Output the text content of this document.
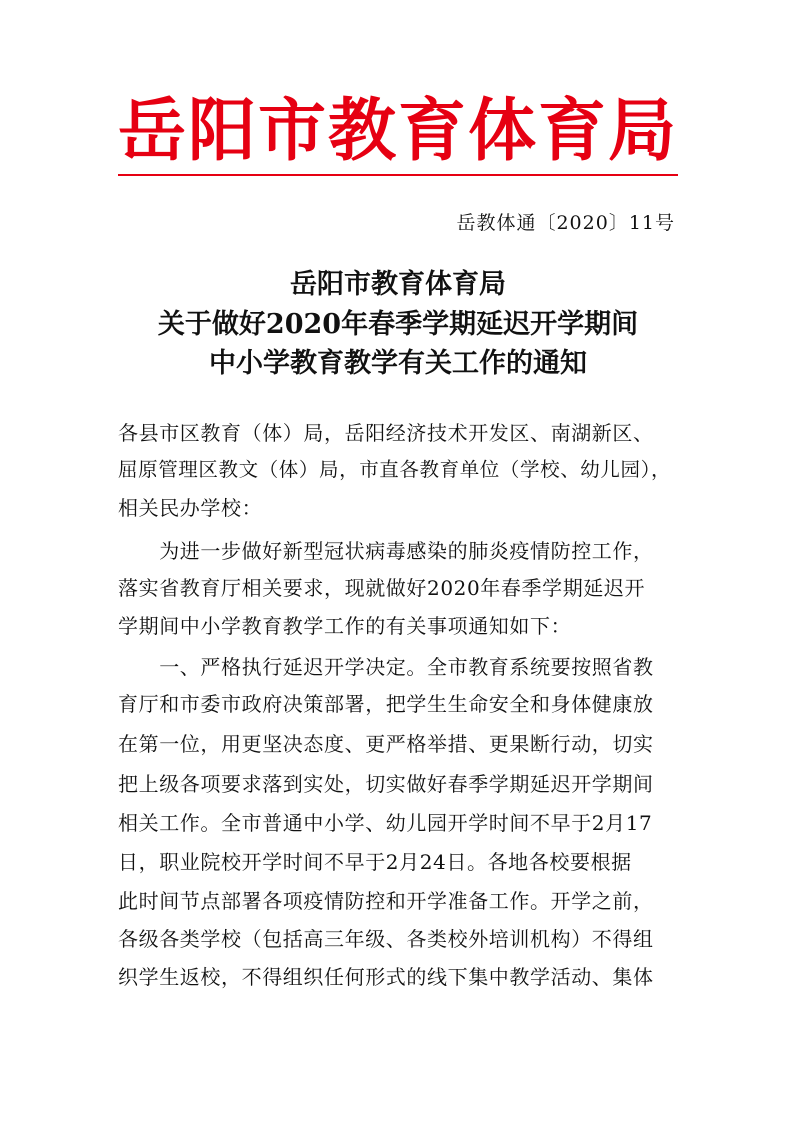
岳阳市教育体育局
岳教体通〔2020〕11号
岳阳市教育体育局
关于做好2020年春季学期延迟开学期间
中小学教育教学有关工作的通知
各县市区教育（体）局，岳阳经济技术开发区、南湖新区、
屈原管理区教文（体）局，市直各教育单位（学校、幼儿园），
相关民办学校：
　　为进一步做好新型冠状病毒感染的肺炎疫情防控工作，
落实省教育厅相关要求，现就做好2020年春季学期延迟开
学期间中小学教育教学工作的有关事项通知如下：
　　一、严格执行延迟开学决定。全市教育系统要按照省教
育厅和市委市政府决策部署，把学生生命安全和身体健康放
在第一位，用更坚决态度、更严格举措、更果断行动，切实
把上级各项要求落到实处，切实做好春季学期延迟开学期间
相关工作。全市普通中小学、幼儿园开学时间不早于2月17
日，职业院校开学时间不早于2月24日。各地各校要根据
此时间节点部署各项疫情防控和开学准备工作。开学之前，
各级各类学校（包括高三年级、各类校外培训机构）不得组
织学生返校，不得组织任何形式的线下集中教学活动、集体
